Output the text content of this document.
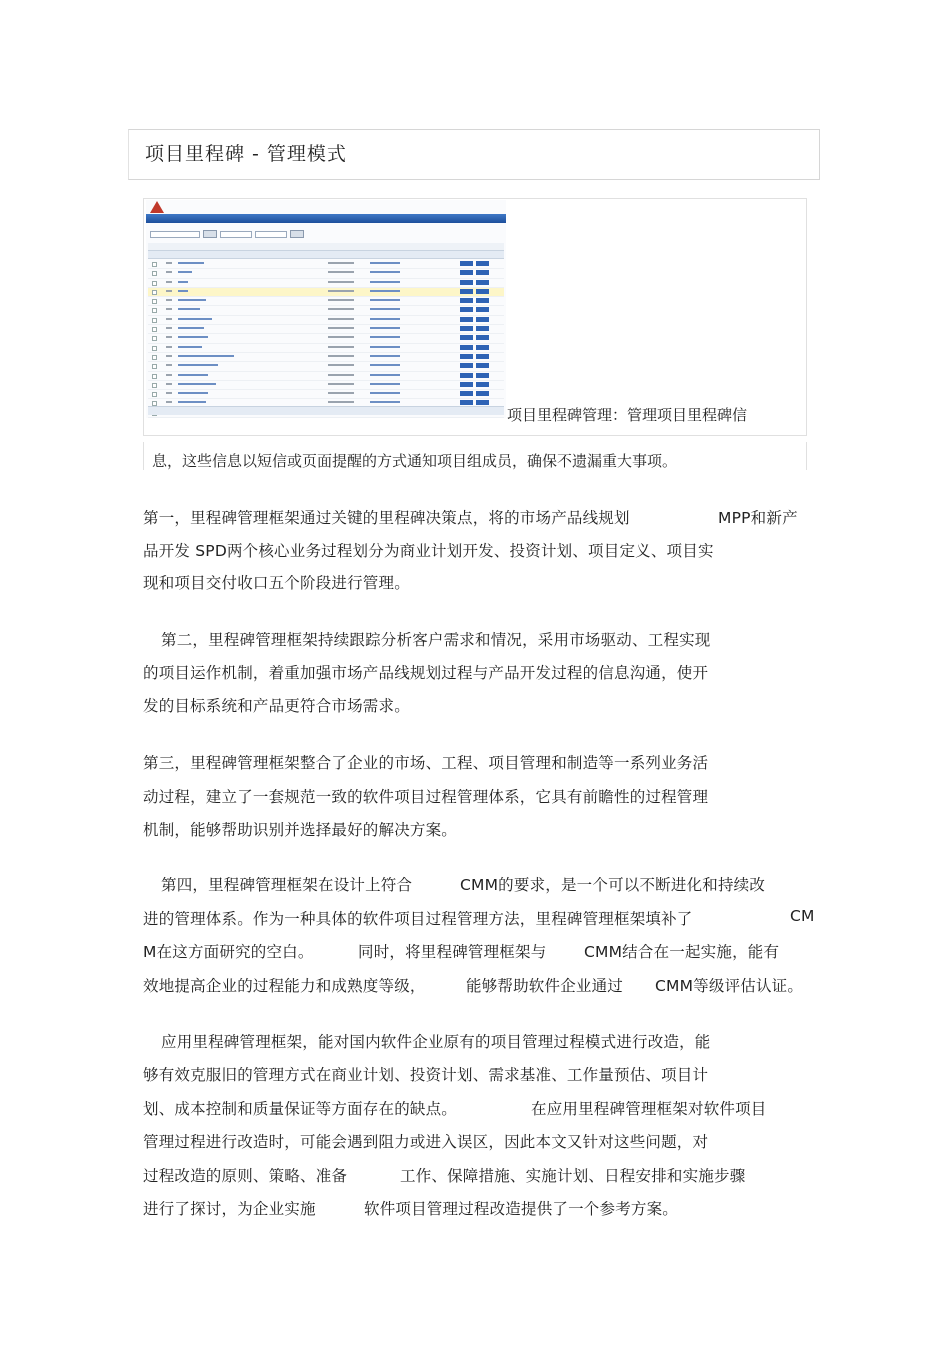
项目里程碑 - 管理模式
项目里程碑管理：管理项目里程碑信
息，这些信息以短信或页面提醒的方式通知项目组成员，确保不遗漏重大事项。
第一，里程碑管理框架通过关键的里程碑决策点，将的市场产品线规划	MPP和新产
品开发 SPD两个核心业务过程划分为商业计划开发、投资计划、项目定义、项目实
现和项目交付收口五个阶段进行管理。
第二，里程碑管理框架持续跟踪分析客户需求和情况，采用市场驱动、工程实现
的项目运作机制，着重加强市场产品线规划过程与产品开发过程的信息沟通，使开
发的目标系统和产品更符合市场需求。
第三，里程碑管理框架整合了企业的市场、工程、项目管理和制造等一系列业务活
动过程，建立了一套规范一致的软件项目过程管理体系，它具有前瞻性的过程管理
机制，能够帮助识别并选择最好的解决方案。
第四，里程碑管理框架在设计上符合	CMM的要求，是一个可以不断进化和持续改
进的管理体系。作为一种具体的软件项目过程管理方法，里程碑管理框架填补了	CM
M在这方面研究的空白。	同时，将里程碑管理框架与 CMM结合在一起实施，能有
效地提高企业的过程能力和成熟度等级，	能够帮助软件企业通过 CMM等级评估认证。
应用里程碑管理框架，能对国内软件企业原有的项目管理过程模式进行改造，能
够有效克服旧的管理方式在商业计划、投资计划、需求基准、工作量预估、项目计
划、成本控制和质量保证等方面存在的缺点。	在应用里程碑管理框架对软件项目
管理过程进行改造时，可能会遇到阻力或进入误区，因此本文又针对这些问题，对
过程改造的原则、策略、准备	工作、保障措施、实施计划、日程安排和实施步骤
进行了探讨，为企业实施	软件项目管理过程改造提供了一个参考方案。
